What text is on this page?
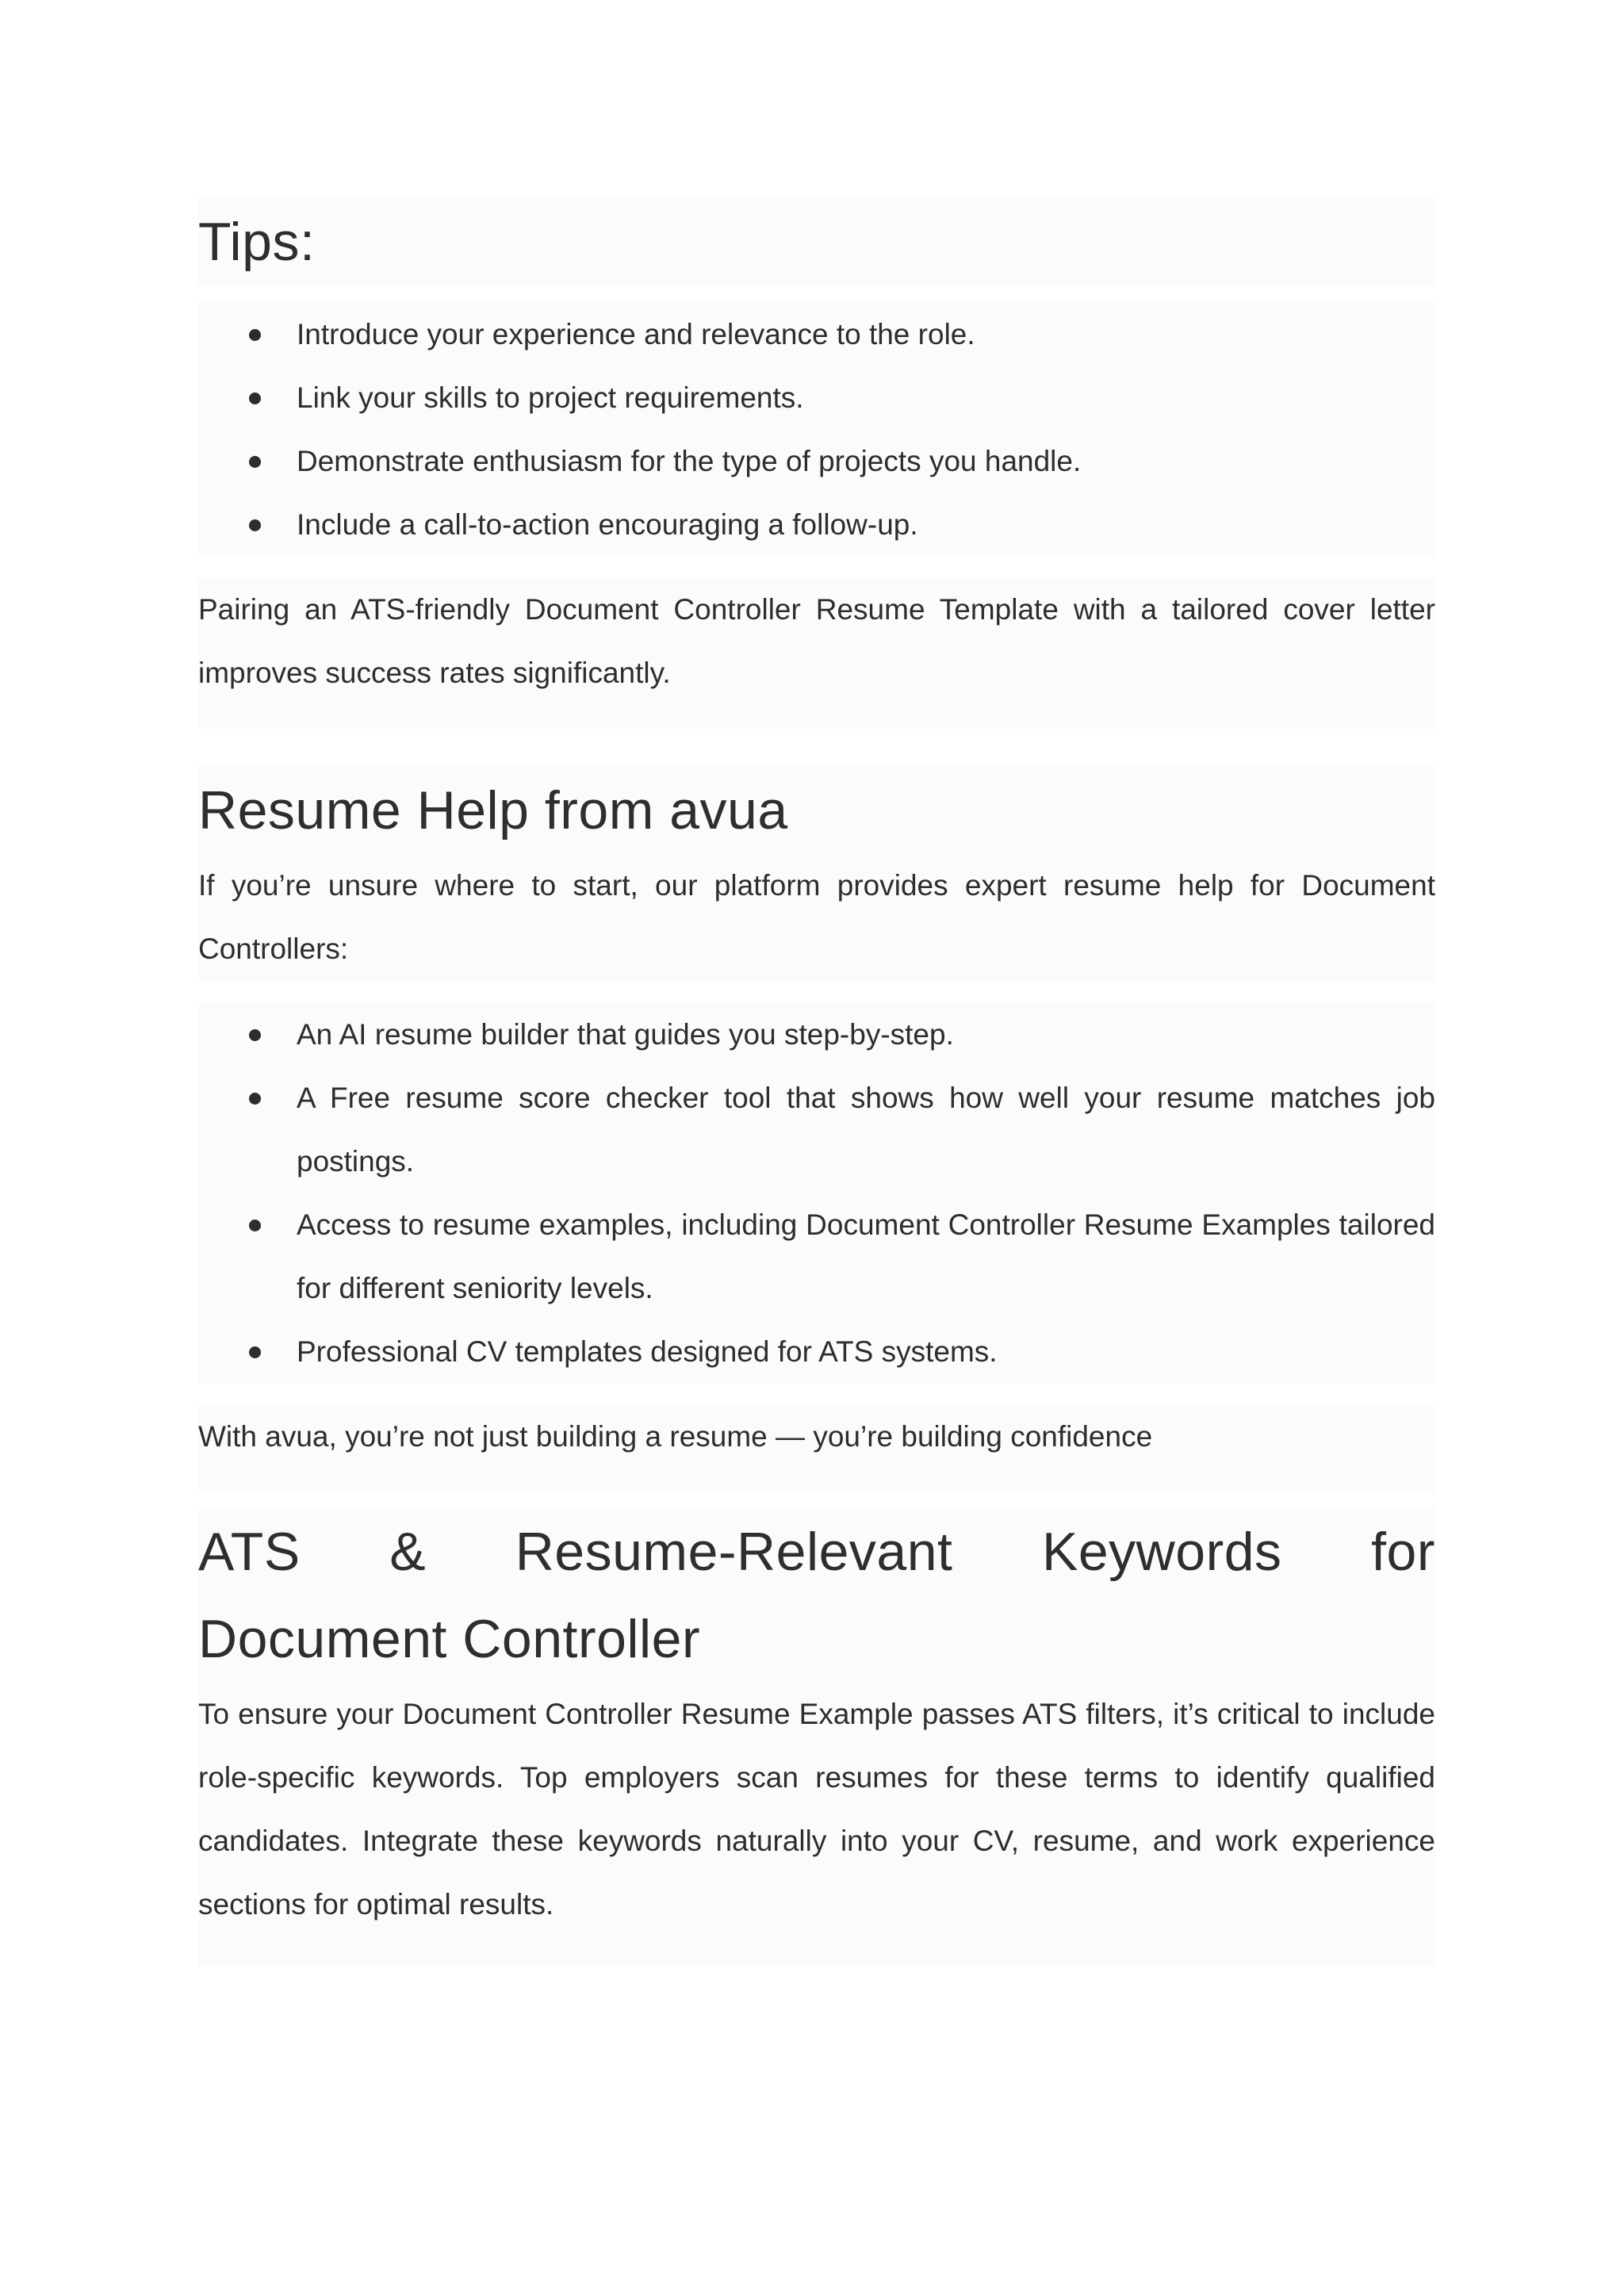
Tips:
Introduce your experience and relevance to the role.
Link your skills to project requirements.
Demonstrate enthusiasm for the type of projects you handle.
Include a call-to-action encouraging a follow-up.

Pairing an ATS-friendly Document Controller Resume Template with a tailored cover letter improves success rates significantly.

Resume Help from avua

If you’re unsure where to start, our platform provides expert resume help for Document Controllers:

An AI resume builder that guides you step-by-step.
A Free resume score checker tool that shows how well your resume matches job postings.
Access to resume examples, including Document Controller Resume Examples tailored for different seniority levels.
Professional CV templates designed for ATS systems.

With avua, you’re not just building a resume — you’re building confidence

ATS & Resume-Relevant Keywords for
Document Controller

To ensure your Document Controller Resume Example passes ATS filters, it’s critical to include role-specific keywords. Top employers scan resumes for these terms to identify qualified candidates. Integrate these keywords naturally into your CV, resume, and work experience sections for optimal results.
